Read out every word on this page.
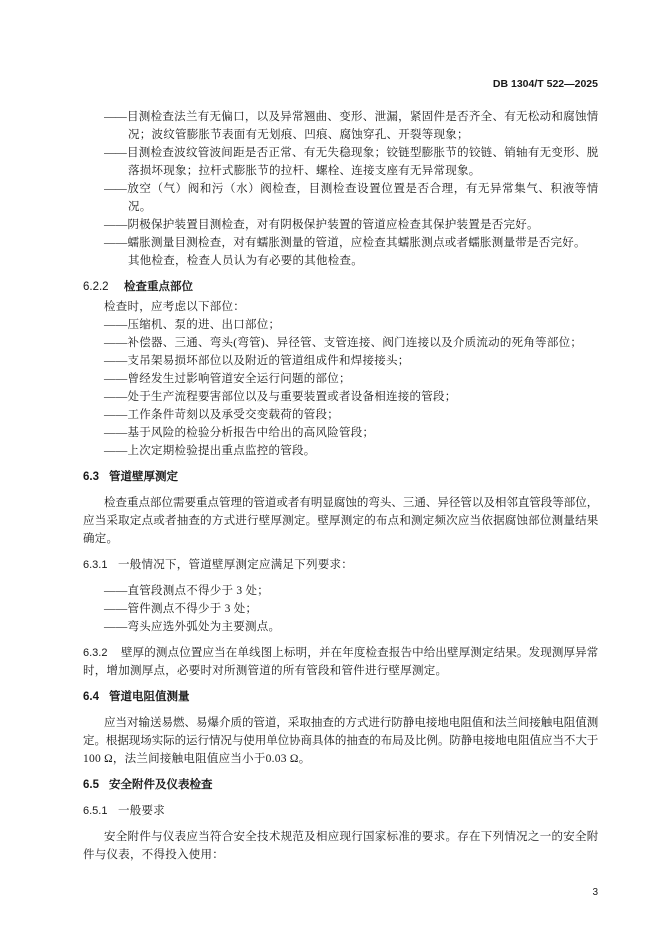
DB 1304/T 522—2025
——目测检查法兰有无偏口，以及异常翘曲、变形、泄漏，紧固件是否齐全、有无松动和腐蚀情
况；波纹管膨胀节表面有无划痕、凹痕、腐蚀穿孔、开裂等现象；
——目测检查波纹管波间距是否正常、有无失稳现象；铰链型膨胀节的铰链、销轴有无变形、脱
落损坏现象；拉杆式膨胀节的拉杆、螺栓、连接支座有无异常现象。
——放空（气）阀和污（水）阀检查，目测检查设置位置是否合理，有无异常集气、积液等情
况。
——阴极保护装置目测检查，对有阴极保护装置的管道应检查其保护装置是否完好。
——蠕胀测量目测检查，对有蠕胀测量的管道，应检查其蠕胀测点或者蠕胀测量带是否完好。
其他检查，检查人员认为有必要的其他检查。
6.2.2	检查重点部位
检查时，应考虑以下部位：
——压缩机、泵的进、出口部位；
——补偿器、三通、弯头(弯管)、异径管、支管连接、阀门连接以及介质流动的死角等部位；
——支吊架易损坏部位以及附近的管道组成件和焊接接头；
——曾经发生过影响管道安全运行问题的部位；
——处于生产流程要害部位以及与重要装置或者设备相连接的管段；
——工作条件苛刻以及承受交变载荷的管段；
——基于风险的检验分析报告中给出的高风险管段；
——上次定期检验提出重点监控的管段。
6.3 管道壁厚测定
检查重点部位需要重点管理的管道或者有明显腐蚀的弯头、三通、异径管以及相邻直管段等部位，
应当采取定点或者抽查的方式进行壁厚测定。壁厚测定的布点和测定频次应当依据腐蚀部位测量结果
确定。
6.3.1 一般情况下，管道壁厚测定应满足下列要求：
——直管段测点不得少于 3 处；
——管件测点不得少于 3 处；
——弯头应选外弧处为主要测点。
6.3.2	壁厚的测点位置应当在单线图上标明，并在年度检查报告中给出壁厚测定结果。发现测厚异常
时，增加测厚点，必要时对所测管道的所有管段和管件进行壁厚测定。
6.4 管道电阻值测量
应当对输送易燃、易爆介质的管道，采取抽查的方式进行防静电接地电阻值和法兰间接触电阻值测
定。根据现场实际的运行情况与使用单位协商具体的抽查的布局及比例。防静电接地电阻值应当不大于
100 Ω，法兰间接触电阻值应当小于0.03 Ω。
6.5 安全附件及仪表检查
6.5.1 一般要求
安全附件与仪表应当符合安全技术规范及相应现行国家标准的要求。存在下列情况之一的安全附
件与仪表，不得投入使用：
3
